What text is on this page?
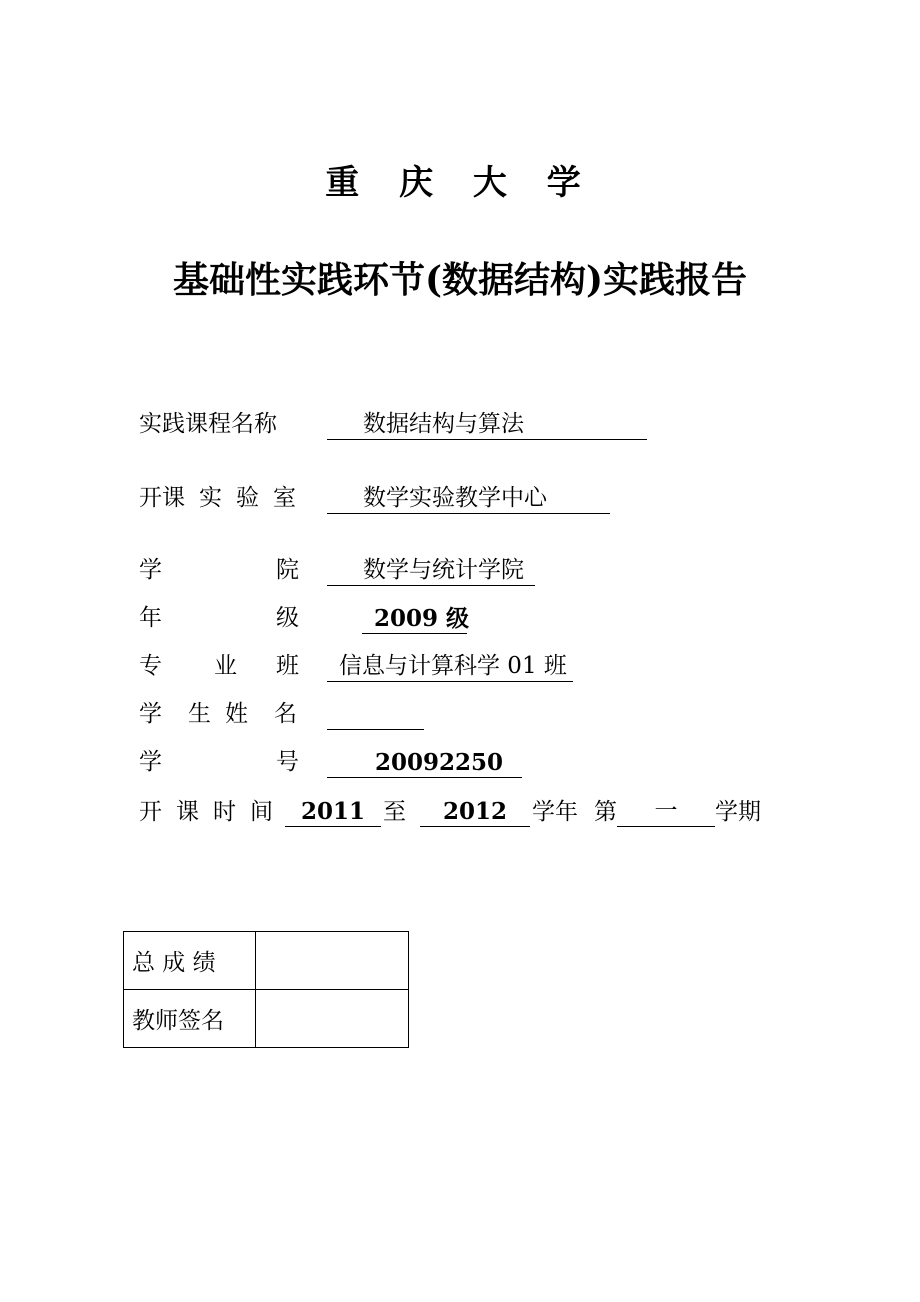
重 庆 大 学
基础性实践环节(数据结构)实践报告
实践课程名称	数据结构与算法
开课 实 验 室	数学实验教学中心
学	院	数学与统计学院
年	级	2009 级
专 业 班	信息与计算科学 01 班
学 生 姓 名
学	号	20092250
开 课 时 间	2011 至	2012	学年 第	一	学期
总 成 绩	
教师签名	
